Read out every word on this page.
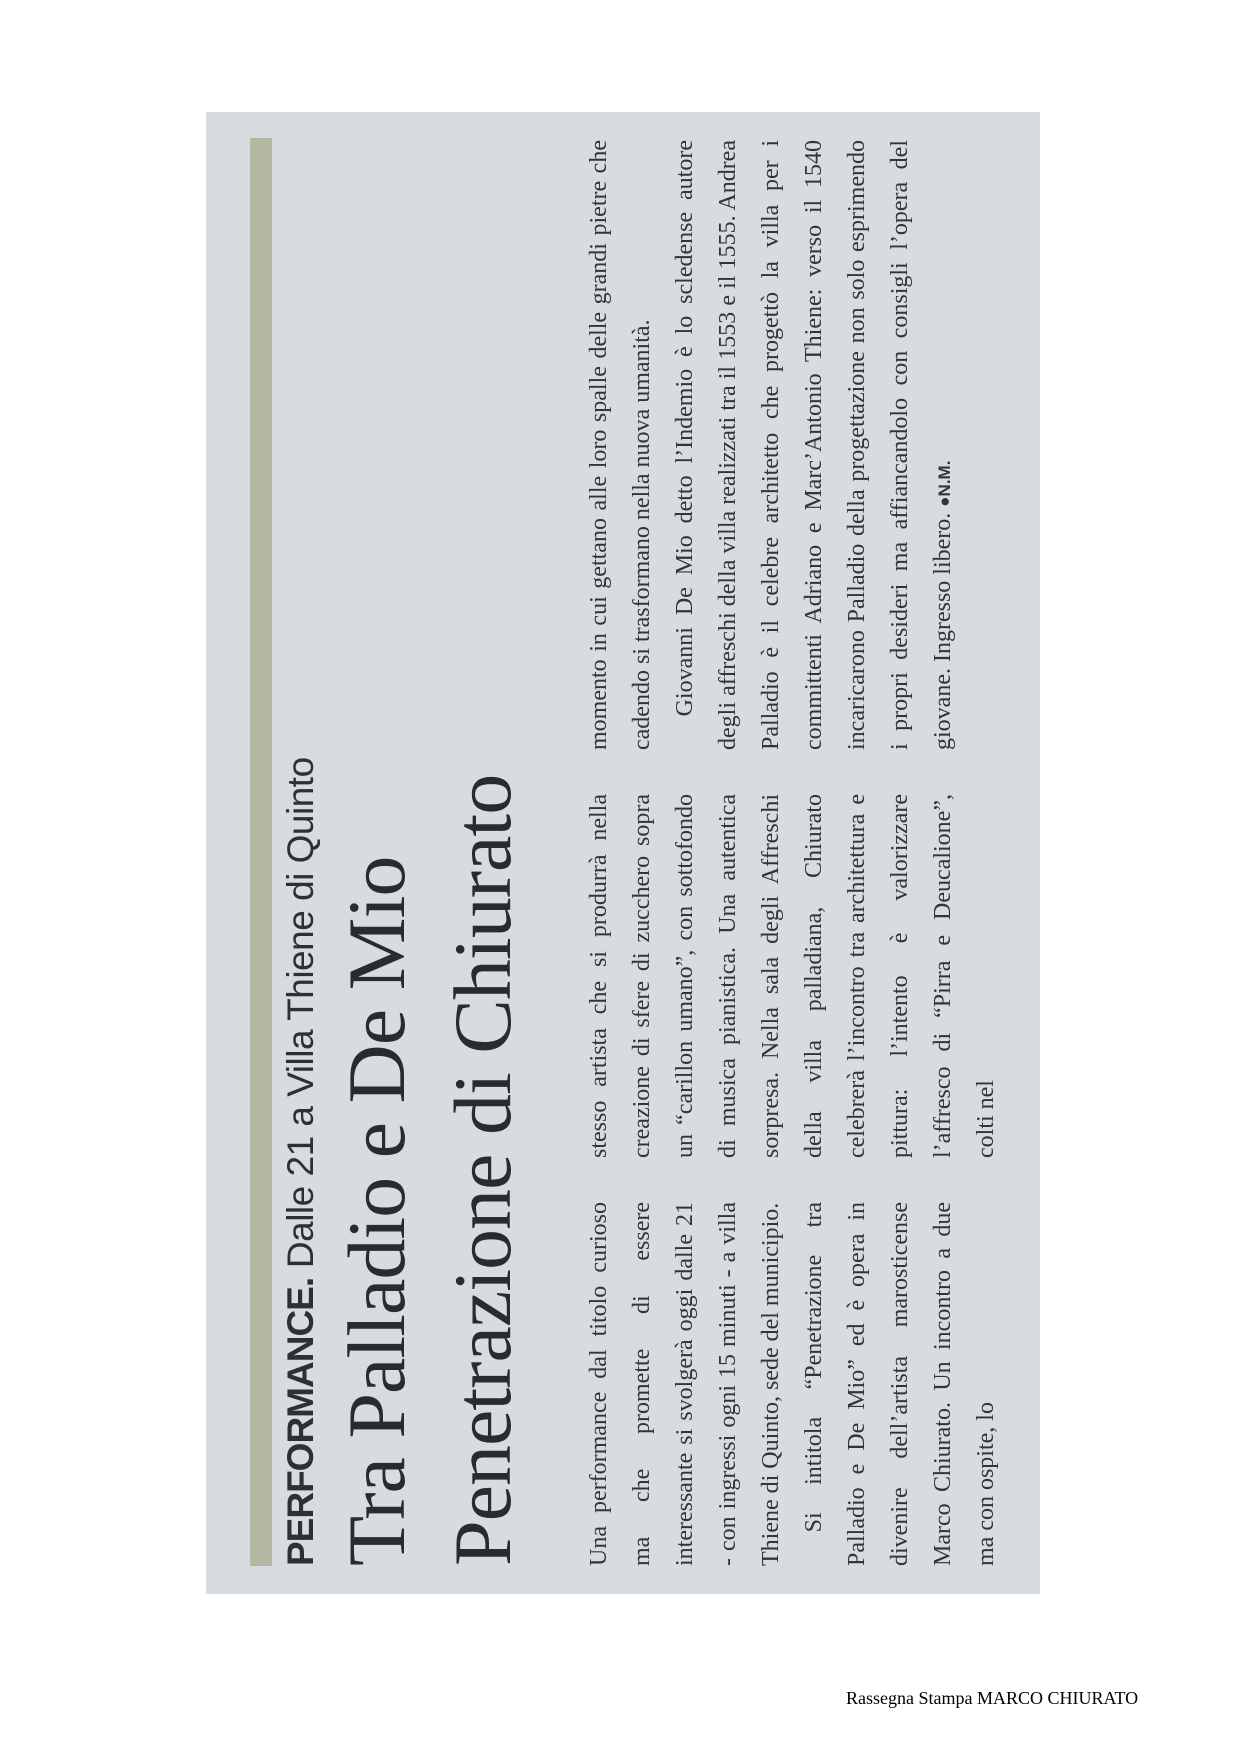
PERFORMANCE. Dalle 21 a Villa Thiene di Quinto Tra Palladio e De Mio Penetrazione di Chiurato	Una performance dal titolo curioso ma che promette di essere interessante si svolgerà oggi dalle 21 - con ingressi ogni 15 minuti - a villa Thiene di Quinto, sede del municipio. Si intitola “Penetrazione tra Palladio e De Mio” ed è opera in divenire dell’artista marosticense Marco Chiurato. Un incontro a due ma con ospite, lo

stesso artista che si produrrà nella creazione di sfere di zucchero sopra un “carillon umano”, con sottofondo di musica pianistica. Una autentica sorpresa. Nella sala degli Affreschi della villa palladiana, Chiurato celebrerà l’incontro tra architettura e pittura: l’intento è valorizzare l’affresco di “Pirra e Deucalione”, colti nel

momento in cui gettano alle loro spalle delle grandi pietre che cadendo si trasformano nella nuova umanità. Giovanni De Mio detto l’Indemio è lo scledense autore degli affreschi della villa realizzati tra il 1553 e il 1555. Andrea Palladio è il celebre architetto che progettò la villa per i committenti Adriano e Marc’Antonio Thiene: verso il 1540 incaricarono Palladio della progettazione non solo esprimendo i propri desideri ma affiancandolo con consigli l’opera del giovane. Ingresso libero. ●N.M.

Rassegna Stampa MARCO CHIURATO
